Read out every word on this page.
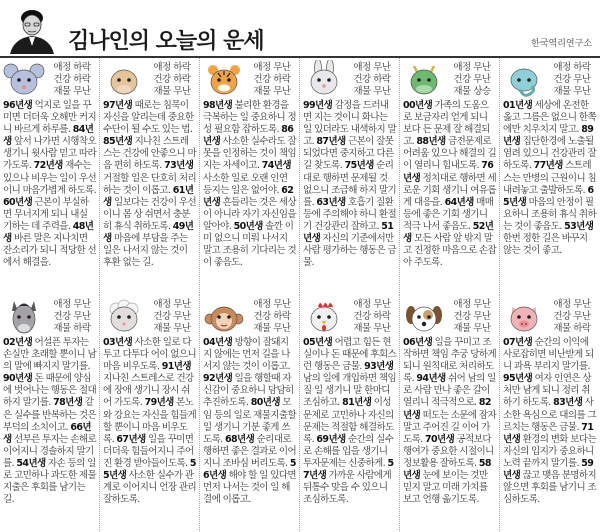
김나인의 오늘의 운세	한국역리연구소
애정 하락
건강 하락
재물 무난
96년생 억지로 일을 꾸미면 더더욱 오해만 커지니 바르게 하루를. 84년생 앞서 나가면 시행착오 생기니 윗사람 믿고 따라가도록. 72년생 재수는 있으나 비우는 일이 우선이니 마음가볍게 하도록. 60년생 근본이 부실하면 무너지게 되니 내실 기하는 데 주력을. 48년생 바른 말은 지나치면 잔소리가 되니 적당한 선에서 해결을.
애정 하락
건강 하락
재물 무난
97년생 때로는 침묵이 자신을 알리는데 중요한 수단이 될 수도 있는 법. 85년생 지나친 스트레스는 건강에 안좋으니 마음 편히 하도록. 73년생 거절할 일은 단호히 처리하는 것이 이롭고. 61년생 일보다는 건강이 우선이니 몸 상 쉬면서 충분히 휴식 취하도록. 49년생 마음에 부담을 주는 일은 나서지 않는 것이 후환 없는 길.
애정 무난
건강 하락
재물 무난
98년생 불리한 환경을 극복하는 일 중요하니 정성 필요함 잡하도록. 86년생 사소한 실수라도 잘못을 인정하는 것이 책임지는 자세이고. 74년생 사소한 일로 오랜 인연 등지는 일은 없어야. 62년생 흔들리는 것은 세상이 아니라 자기 자신임을 알아야. 50년생 솔깐 이미 없으니 미뤄 나서지 말고 조용히 기다리는 것이 좋음도.
애정 무난
건강 하락
재물 무난
99년생 감정을 드러내면 지는 것이니 화나는 일 있더라도 내색하지 말고. 87년생 근본이 잘못되었다면 중지하고 다른 길 찾도록. 75년생 순리대로 행하면 문제될 것 없으니 조급해 하지 말기를. 63년생 호흡기 질환 등에 주의해야 하니 환절기 건강관리 잘하고. 51년생 자신의 기준에서만 사람 평가하는 행동은 금물.
애정 무난
건강 무난
재물 상승
00년생 가족의 도움으로 보금자리 얻게 되니 보다 든 문제 잘 해결되고. 88년생 금전문제로 어려움 있으나 해결의 길이 열리니 힘내도록. 76년생 정치대로 행하면 세로운 기회 생기니 여유롭게 대응을. 64년생 매매 등에 좋은 기회 생기니 적극 나서 좋음도. 52년생 모든 사람 앞 밖지 말고 진정한 마음으로 손잡아 주도록.
애정 하락
건강 무난
재물 무난
01년생 세상에 온전한 옳고 그름은 없으니 한쪽에만 치우치지 말고. 89년생 집단한경에 노출될 염려 있으니 건강관리 잘하도록. 77년생 스트레스는 만병의 근원이니 침내려놓고 출발하도록. 65년생 마음의 안정이 필요하니 조용히 휴식 취하는 것이 좋음도. 53년생 한번 정한 길은 바꾸지 않는 것이 좋고.
애정 무난
건강 무난
재물 하락
02년생 어설픈 투자는 손실만 초래할 뿐이니 남의 말에 빠지지 말기를. 90년생 돈 때문에 양심에 벗어나는 행동은 절대 하지 말기를. 78년생 같은 실수를 반복하는 것은 부덕의 소치이고. 66년생 선부른 투자는 손해로 이어지니 경솔하지 말기를. 54년생 자손 등의 일로 고민하나 과도한 제물 지출은 후회를 남기는 길.
애정 무난
건강 무난
재물 무난
03년생 사소한 일로 다투고 다투다 어이 없으니 마음 비우도록. 91년생 지나친 스트레스로 건강에 장애 생기니 장시 쉬어 가도록. 79년생 본노와 강요는 자신을 힘들게 할 뿐이니 마음 비우도록. 67년생 일을 꾸미면 더더욱 힘들어지니 주어진 환경 받아들이도록. 55년생 사소한 실수가 관계로 이어지니 언장 관리 잘하도록.
애정 무난
건강 하락
재물 무난
04년생 방향이 잘돼지지 않에는 먼저 길을 나서지 않는 것이 이롭고. 92년생 일을 행할때 자신감이 중요하니 담담히 추진하도록. 80년생 모임 등의 일로 재물지출할 일 생기니 기분 좋게 쓰도록. 68년생 순리대로 행하면 좋은 결과로 이어지니 조바심 버리도록. 56년생 해야 할 일 있다면 먼저 나서는 것이 일 해결에 이롭고.
애정 무난
건강 하락
재물 무난
05년생 어렵고 힘든 현실이나 돈 때문에 후회스런 행동은 금물. 93년생 남의 일에 개입하면 책임질 일 생기니 말 한마디 조심하고. 81년생 이성문제로 고민하나 자신의 문제는 적절함 해결하도록. 69년생 순간의 실수로 손해를 입을 생기니 투자문제는 신중하게. 57년생 가까운 사람에게 뒤통수 맞을 수 있으니 조심하도록.
애정 무난
건강 무난
재물 무난
06년생 일을 꾸미고 조작하면 책임 추궁 당하게 되니 원칙대로 처리하도록. 94년생 쉬어 남의 일로 사람 만나 좋은 갈이 열리니 적극적으로. 82년생 떠도는 소문에 잠자 말고 주어진 길 이어 가도록. 70년생 공적보다 행여가 중요한 시절이니 정보활용 잘하도록. 58년생 눈에 보이는 것만 믿지 말고 미래 가치를 보고 언행 옮기도록.
애정 무난
건강 무난
재물 하락
07년생 순간의 이익에 사로잡히면 비난받게 되니 과욕 부리지 말기를. 95년생 여자 인연은 상처만 남게 되니 정리 취하기 하도록. 83년생 사소한 욕심으로 대의를 그르치는 행동은 금물. 71년생 환경의 변화 보다는 자신의 입지가 중요하니 노력 끝까지 말기를. 59년생 끊고 맺음 분명하지 않으면 후회를 남기니 조심하도록.
